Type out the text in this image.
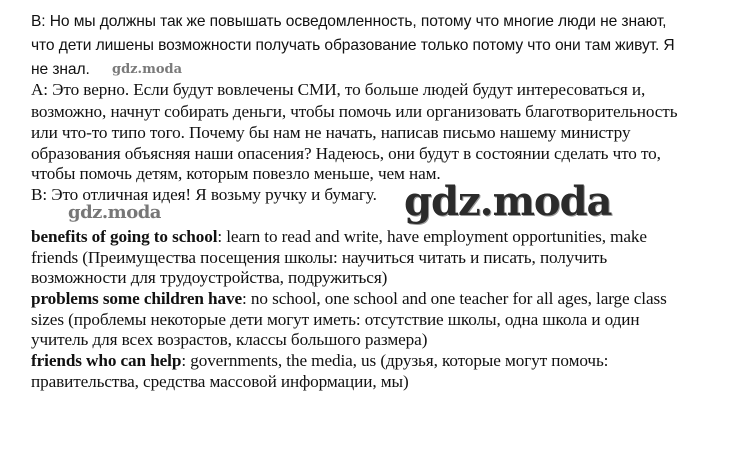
B: Но мы должны так же повышать осведомленность, потому что многие люди не знают,
что дети лишены возможности получать образование только потому что они там живут. Я
не знал.
A: Это верно. Если будут вовлечены СМИ, то больше людей будут интересоваться и,
возможно, начнут собирать деньги, чтобы помочь или организовать благотворительность
или что-то типо того. Почему бы нам не начать, написав письмо нашему министру
образования объясняя наши опасения? Надеюсь, они будут в состоянии сделать что то,
чтобы помочь детям, которым повезло меньше, чем нам.
B: Это отличная идея! Я возьму ручку и бумагу.
benefits of going to school: learn to read and write, have employment opportunities, make
friends (Преимущества посещения школы: научиться читать и писать, получить
возможности для трудоустройства, подружиться)
problems some children have: no school, one school and one teacher for all ages, large class
sizes (проблемы некоторые дети могут иметь: отсутствие школы, одна школа и один
учитель для всех возрастов, классы большого размера)
friends who can help: governments, the media, us (друзья, которые могут помочь:
правительства, средства массовой информации, мы)
gdz.moda
gdz.moda	gdz.moda
